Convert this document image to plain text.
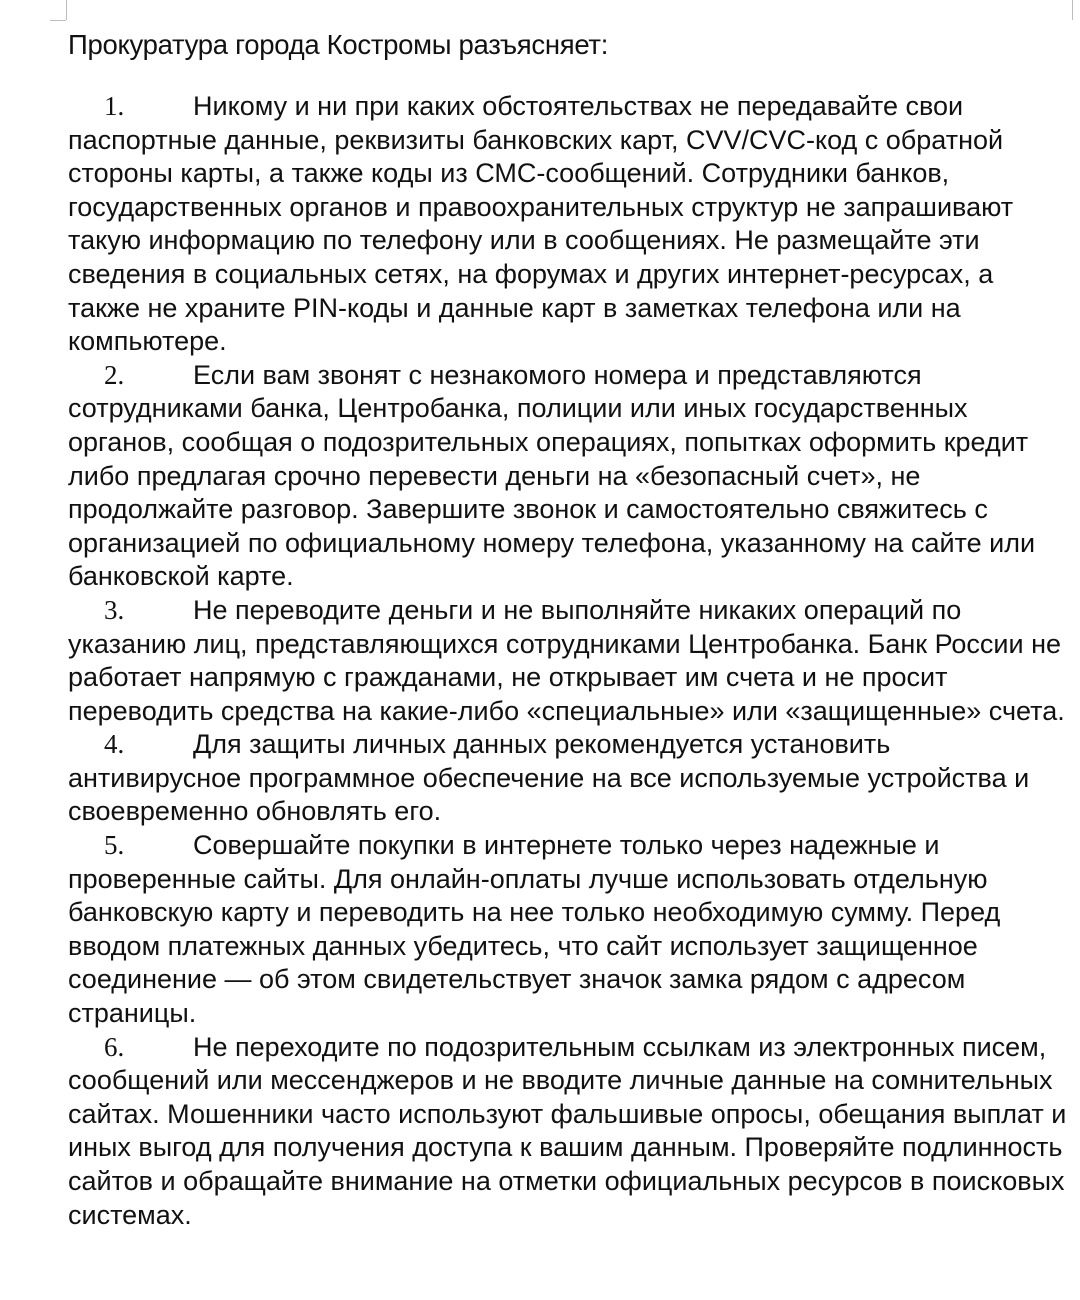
Прокуратура города Костромы разъясняет:

1.	Никому и ни при каких обстоятельствах не передавайте свои паспортные данные, реквизиты банковских карт, CVV/CVC-код с обратной стороны карты, а также коды из СМС-сообщений. Сотрудники банков, государственных органов и правоохранительных структур не запрашивают такую информацию по телефону или в сообщениях. Не размещайте эти сведения в социальных сетях, на форумах и других интернет-ресурсах, а также не храните PIN-коды и данные карт в заметках телефона или на компьютере.

2.	Если вам звонят с незнакомого номера и представляются сотрудниками банка, Центробанка, полиции или иных государственных органов, сообщая о подозрительных операциях, попытках оформить кредит либо предлагая срочно перевести деньги на «безопасный счет», не продолжайте разговор. Завершите звонок и самостоятельно свяжитесь с организацией по официальному номеру телефона, указанному на сайте или банковской карте.

3.	Не переводите деньги и не выполняйте никаких операций по указанию лиц, представляющихся сотрудниками Центробанка. Банк России не работает напрямую с гражданами, не открывает им счета и не просит переводить средства на какие-либо «специальные» или «защищенные» счета.

4.	Для защиты личных данных рекомендуется установить антивирусное программное обеспечение на все используемые устройства и своевременно обновлять его.

5.	Совершайте покупки в интернете только через надежные и проверенные сайты. Для онлайн-оплаты лучше использовать отдельную банковскую карту и переводить на нее только необходимую сумму. Перед вводом платежных данных убедитесь, что сайт использует защищенное соединение — об этом свидетельствует значок замка рядом с адресом страницы.

6.	Не переходите по подозрительным ссылкам из электронных писем, сообщений или мессенджеров и не вводите личные данные на сомнительных сайтах. Мошенники часто используют фальшивые опросы, обещания выплат и иных выгод для получения доступа к вашим данным. Проверяйте подлинность сайтов и обращайте внимание на отметки официальных ресурсов в поисковых системах.
